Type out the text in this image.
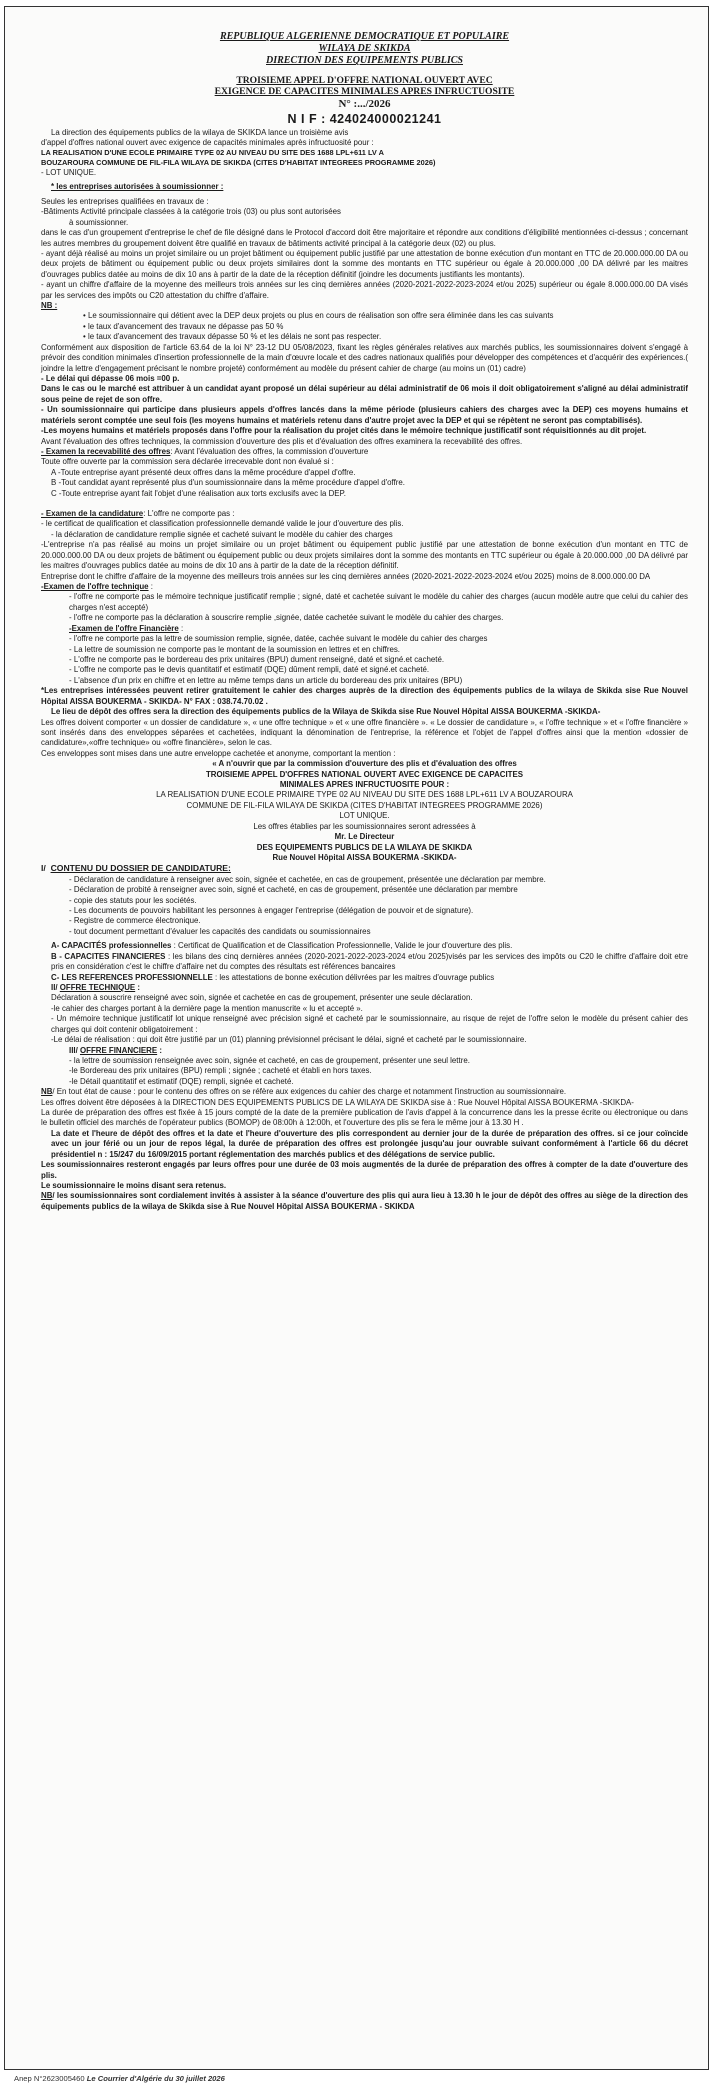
REPUBLIQUE ALGERIENNE DEMOCRATIQUE ET POPULAIRE
WILAYA DE SKIKDA
DIRECTION DES EQUIPEMENTS PUBLICS
TROISIEME APPEL D'OFFRE NATIONAL OUVERT AVEC
EXIGENCE DE CAPACITES MINIMALES APRES INFRUCTUOSITE
N° :.../2026
N I F : 424024000021241

La direction des équipements publics de la wilaya de SKIKDA lance un troisième avis

d'appel d'offres national ouvert avec exigence de capacités minimales après infructuosité pour :

LA REALISATION D'UNE ECOLE PRIMAIRE TYPE 02 AU NIVEAU DU SITE DES 1688 LPL+611 LV A

BOUZAROURA COMMUNE DE FIL-FILA WILAYA DE SKIKDA (CITES D'HABITAT INTEGREES PROGRAMME 2026)

- LOT UNIQUE.

* les entreprises autorisées à soumissionner :

Seules les entreprises qualifiées en travaux de :

-Bâtiments Activité principale classées à la catégorie trois (03) ou plus sont autorisées

à soumissionner.

dans le cas d'un groupement d'entreprise le chef de file désigné dans le Protocol d'accord doit être majoritaire et répondre aux conditions d'éligibilité mentionnées ci-dessus ; concernant les autres membres du groupement doivent être qualifié en travaux de bâtiments activité principal à la catégorie deux (02) ou plus.

- ayant déjà réalisé au moins un projet similaire ou un projet bâtiment ou équipement public justifié par une attestation de bonne exécution d'un montant en TTC de 20.000.000.00 DA ou deux projets de bâtiment ou équipement public ou deux projets similaires dont la somme des montants en TTC supérieur ou égale à 20.000.000 ,00 DA délivré par les maitres d'ouvrages publics datée au moins de dix 10 ans à partir de la date de la réception définitif (joindre les documents justifiants les montants).

- ayant un chiffre d'affaire de la moyenne des meilleurs trois années sur les cinq dernières années (2020-2021-2022-2023-2024 et/ou 2025) supérieur ou égale 8.000.000.00 DA visés par les services des impôts ou C20 attestation du chiffre d'affaire.

NB :

• Le soumissionnaire qui détient avec la DEP deux projets ou plus en cours de réalisation son offre sera éliminée dans les cas suivants

• le taux d'avancement des travaux ne dépasse pas 50 %

• le taux d'avancement des travaux dépasse 50 % et les délais ne sont pas respecter.

Conformément aux disposition de l'article 63.64 de la loi N° 23-12 DU 05/08/2023, fixant les règles générales relatives aux marchés publics, les soumissionnaires doivent s'engagé à prévoir des condition minimales d'insertion professionnelle de la main d'œuvre locale et des cadres nationaux qualifiés pour développer des compétences et d'acquérir des expériences.( joindre la lettre d'engagement précisant le nombre projeté) conformément au modèle du présent cahier de charge (au moins un (01) cadre)

- Le délai qui dépasse 06 mois =00 p.

Dans le cas ou le marché est attribuer à un candidat ayant proposé un délai supérieur au délai administratif de 06 mois il doit obligatoirement s'aligné au délai administratif sous peine de rejet de son offre.

- Un soumissionnaire qui participe dans plusieurs appels d'offres lancés dans la même période (plusieurs cahiers des charges avec la DEP) ces moyens humains et matériels seront comptée une seul fois (les moyens humains et matériels retenu dans d'autre projet avec la DEP et qui se répètent ne seront pas comptabilisés).

-Les moyens humains et matériels proposés dans l'offre pour la réalisation du projet cités dans le mémoire technique justificatif sont réquisitionnés au dit projet.

Avant l'évaluation des offres techniques, la commission d'ouverture des plis et d'évaluation des offres examinera la recevabilité des offres.

- Examen la recevabilité des offres: Avant l'évaluation des offres, la commission d'ouverture

Toute offre ouverte par la commission sera déclarée irrecevable dont non évalué si :

A -Toute entreprise ayant présenté deux offres dans la même procédure d'appel d'offre.

B -Tout candidat ayant représenté plus d'un soumissionnaire dans la même procédure d'appel d'offre.

C -Toute entreprise ayant fait l'objet d'une réalisation aux torts exclusifs avec la DEP.

- Examen de la candidature: L'offre ne comporte pas :

- le certificat de qualification et classification professionnelle demandé valide le jour d'ouverture des plis.

- la déclaration de candidature remplie signée et cacheté suivant le modèle du cahier des charges

-L'entreprise n'a pas réalisé au moins un projet similaire ou un projet bâtiment ou équipement public justifié par une attestation de bonne exécution d'un montant en TTC de 20.000.000.00 DA ou deux projets de bâtiment ou équipement public ou deux projets similaires dont la somme des montants en TTC supérieur ou égale à 20.000.000 ,00 DA délivré par les maitres d'ouvrages publics datée au moins de dix 10 ans à partir de la date de la réception définitif.

Entreprise dont le chiffre d'affaire de la moyenne des meilleurs trois années sur les cinq dernières années (2020-2021-2022-2023-2024 et/ou 2025) moins de 8.000.000.00 DA

-Examen de l'offre technique :

- l'offre ne comporte pas le mémoire technique justificatif remplie ; signé, daté et cachetée suivant le modèle du cahier des charges (aucun modèle autre que celui du cahier des charges n'est accepté)

- l'offre ne comporte pas la déclaration à souscrire remplie ,signée, datée cachetée suivant le modèle du cahier des charges.

-Examen de l'offre Financière :

- l'offre ne comporte pas la lettre de soumission remplie, signée, datée, cachée suivant le modèle du cahier des charges

- La lettre de soumission ne comporte pas le montant de la soumission en lettres et en chiffres.

- L'offre ne comporte pas le bordereau des prix unitaires (BPU) dument renseigné, daté et signé.et cacheté.

- L'offre ne comporte pas le devis quantitatif et estimatif (DQE) dûment rempli, daté et signé.et cacheté.

- L'absence d'un prix en chiffre et en lettre au même temps dans un article du bordereau des prix unitaires (BPU)

*Les entreprises intéressées peuvent retirer gratuitement le cahier des charges auprès de la direction des équipements publics de la wilaya de Skikda sise Rue Nouvel Hôpital AISSA BOUKERMA - SKIKDA- N° FAX : 038.74.70.02 .

Le lieu de dépôt des offres sera la direction des équipements publics de la Wilaya de Skikda sise Rue Nouvel Hôpital AISSA BOUKERMA -SKIKDA-

Les offres doivent comporter « un dossier de candidature », « une offre technique » et « une offre financière ». « Le dossier de candidature », « l'offre technique » et « l'offre financière » sont insérés dans des enveloppes séparées et cachetées, indiquant la dénomination de l'entreprise, la référence et l'objet de l'appel d'offres ainsi que la mention «dossier de candidature»,«offre technique» ou «offre financière», selon le cas.

Ces enveloppes sont mises dans une autre enveloppe cachetée et anonyme, comportant la mention :

« A n'ouvrir que par la commission d'ouverture des plis et d'évaluation des offres

TROISIEME APPEL D'OFFRES NATIONAL OUVERT AVEC EXIGENCE DE CAPACITES

MINIMALES APRES INFRUCTUOSITE POUR :

LA REALISATION D'UNE ECOLE PRIMAIRE TYPE 02 AU NIVEAU DU SITE DES 1688 LPL+611 LV A BOUZAROURA

COMMUNE DE FIL-FILA WILAYA DE SKIKDA (CITES D'HABITAT INTEGREES PROGRAMME 2026)

LOT UNIQUE.

Les offres établies par les soumissionnaires seront adressées à

Mr. Le Directeur

DES EQUIPEMENTS PUBLICS DE LA WILAYA DE SKIKDA

Rue Nouvel Hôpital AISSA BOUKERMA -SKIKDA-

I/ CONTENU DU DOSSIER DE CANDIDATURE:

- Déclaration de candidature à renseigner avec soin, signée et cachetée, en cas de groupement, présentée une déclaration par membre.

- Déclaration de probité à renseigner avec soin, signé et cacheté, en cas de groupement, présentée une déclaration par membre

- copie des statuts pour les sociétés.

- Les documents de pouvoirs habilitant les personnes à engager l'entreprise (délégation de pouvoir et de signature).

- Registre de commerce électronique.

- tout document permettant d'évaluer les capacités des candidats ou soumissionnaires

A- CAPACITÉS professionnelles : Certificat de Qualification et de Classification Professionnelle, Valide le jour d'ouverture des plis.

B - CAPACITES FINANCIERES : les bilans des cinq dernières années (2020-2021-2022-2023-2024 et/ou 2025)visés par les services des impôts ou C20 le chiffre d'affaire doit etre pris en considération c'est le chiffre d'affaire net du comptes des résultats est références bancaires

C- LES REFERENCES PROFESSIONNELLE : les attestations de bonne exécution délivrées par les maitres d'ouvrage publics

II/ OFFRE TECHNIQUE :

Déclaration à souscrire renseigné avec soin, signée et cachetée en cas de groupement, présenter une seule déclaration.

-le cahier des charges portant à la dernière page la mention manuscrite « lu et accepté ».

- Un mémoire technique justificatif lot unique renseigné avec précision signé et cacheté par le soumissionnaire, au risque de rejet de l'offre selon le modèle du présent cahier des charges qui doit contenir obligatoirement :

-Le délai de réalisation : qui doit être justifié par un (01) planning prévisionnel précisant le délai, signé et cacheté par le soumissionnaire.

III/ OFFRE FINANCIERE :

- la lettre de soumission renseignée avec soin, signée et cacheté, en cas de groupement, présenter une seul lettre.

-le Bordereau des prix unitaires (BPU) rempli ; signée ; cacheté et établi en hors taxes.

-le Détail quantitatif et estimatif (DQE) rempli, signée et cacheté.

NB/ En tout état de cause : pour le contenu des offres on se réfère aux exigences du cahier des charge et notamment l'instruction au soumissionnaire.

Les offres doivent être déposées à la DIRECTION DES EQUIPEMENTS PUBLICS DE LA WILAYA DE SKIKDA sise à : Rue Nouvel Hôpital AISSA BOUKERMA -SKIKDA-

La durée de préparation des offres est fixée à 15 jours compté de la date de la première publication de l'avis d'appel à la concurrence dans les la presse écrite ou électronique ou dans le bulletin officiel des marchés de l'opérateur publics (BOMOP) de 08:00h à 12:00h, et l'ouverture des plis se fera le même jour à 13.30 H .

La date et l'heure de dépôt des offres et la date et l'heure d'ouverture des plis correspondent au dernier jour de la durée de préparation des offres. si ce jour coïncide avec un jour férié ou un jour de repos légal, la durée de préparation des offres est prolongée jusqu'au jour ouvrable suivant conformément à l'article 66 du décret présidentiel n : 15/247 du 16/09/2015 portant réglementation des marchés publics et des délégations de service public.

Les soumissionnaires resteront engagés par leurs offres pour une durée de 03 mois augmentés de la durée de préparation des offres à compter de la date d'ouverture des plis.

Le soumissionnaire le moins disant sera retenus.

NB/ les soumissionnaires sont cordialement invités à assister à la séance d'ouverture des plis qui aura lieu à 13.30 h le jour de dépôt des offres au siège de la direction des équipements publics de la wilaya de Skikda sise à Rue Nouvel Hôpital AISSA BOUKERMA - SKIKDA

Anep N°2623005460 Le Courrier d'Algérie du 30 juillet 2026
